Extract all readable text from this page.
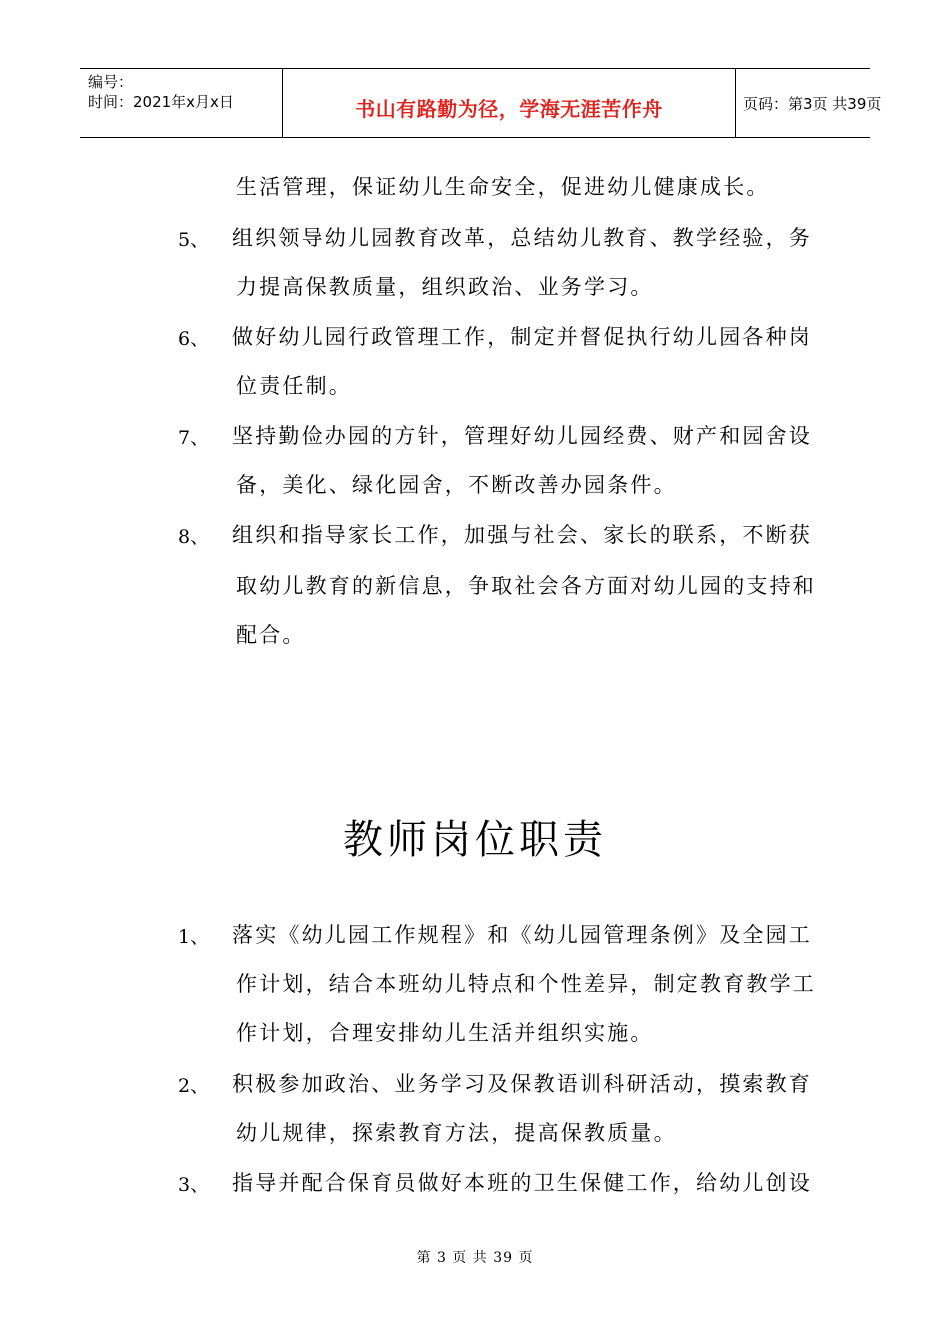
编号：
时间：2021年x月x日	书山有路勤为径，学海无涯苦作舟	页码：第3页 共39页
生活管理，保证幼儿生命安全，促进幼儿健康成长。
5、 组织领导幼儿园教育改革，总结幼儿教育、教学经验，务
力提高保教质量，组织政治、业务学习。
6、 做好幼儿园行政管理工作，制定并督促执行幼儿园各种岗
位责任制。
7、 坚持勤俭办园的方针，管理好幼儿园经费、财产和园舍设
备，美化、绿化园舍，不断改善办园条件。
8、 组织和指导家长工作，加强与社会、家长的联系，不断获
取幼儿教育的新信息，争取社会各方面对幼儿园的支持和
配合。
教师岗位职责
1、 落实《幼儿园工作规程》和《幼儿园管理条例》及全园工
作计划，结合本班幼儿特点和个性差异，制定教育教学工
作计划，合理安排幼儿生活并组织实施。
2、 积极参加政治、业务学习及保教语训科研活动，摸索教育
幼儿规律，探索教育方法，提高保教质量。
3、 指导并配合保育员做好本班的卫生保健工作，给幼儿创设
第 3 页 共 39 页
